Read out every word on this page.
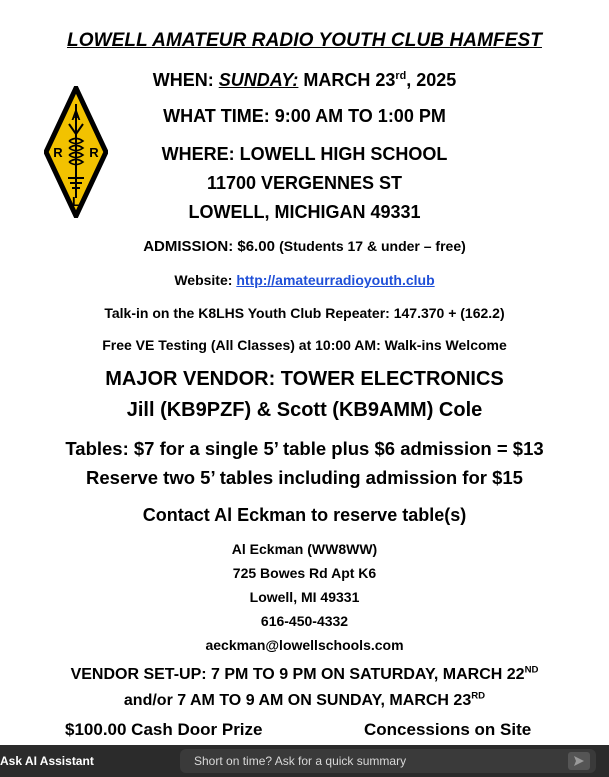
A
R R
L
LOWELL AMATEUR RADIO YOUTH CLUB HAMFEST
WHEN: SUNDAY: MARCH 23rd, 2025
WHAT TIME: 9:00 AM TO 1:00 PM
WHERE: LOWELL HIGH SCHOOL
11700 VERGENNES ST
LOWELL, MICHIGAN 49331
ADMISSION: $6.00 (Students 17 & under – free)
Website: http://amateurradioyouth.club
Talk-in on the K8LHS Youth Club Repeater: 147.370 + (162.2)
Free VE Testing (All Classes) at 10:00 AM: Walk-ins Welcome
MAJOR VENDOR: TOWER ELECTRONICS
Jill (KB9PZF) & Scott (KB9AMM) Cole
Tables: $7 for a single 5’ table plus $6 admission = $13
Reserve two 5’ tables including admission for $15
Contact Al Eckman to reserve table(s)
Al Eckman (WW8WW)
725 Bowes Rd Apt K6
Lowell, MI 49331
616-450-4332
aeckman@lowellschools.com
VENDOR SET-UP: 7 PM TO 9 PM ON SATURDAY, MARCH 22ND
and/or 7 AM TO 9 AM ON SUNDAY, MARCH 23RD
$100.00 Cash Door Prize	Concessions on Site
Ask AI Assistant	Short on time? Ask for a quick summary
